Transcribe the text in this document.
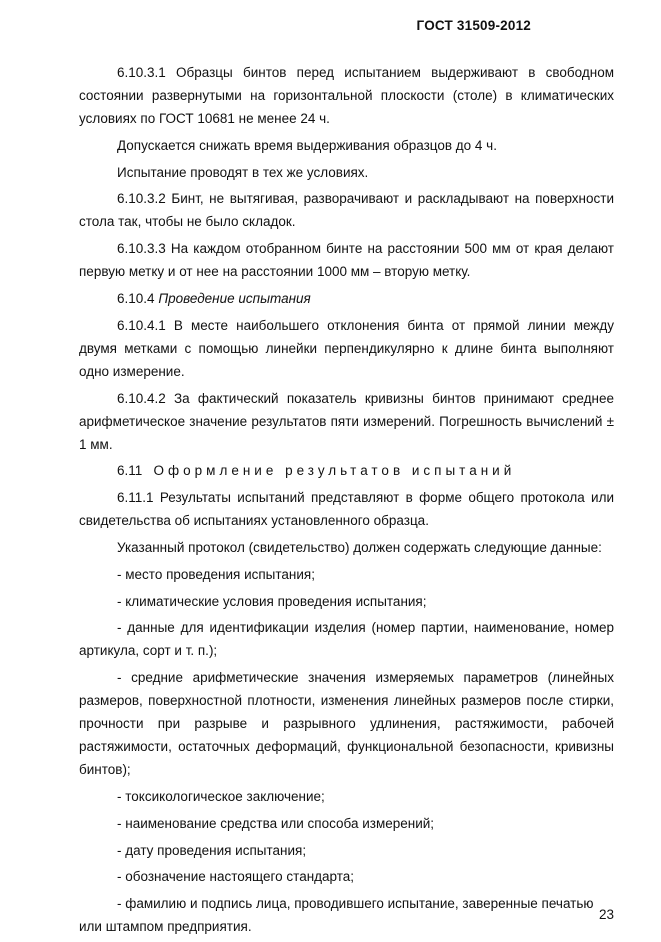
ГОСТ 31509-2012

6.10.3.1 Образцы бинтов перед испытанием выдерживают в свободном состоянии развернутыми на горизонтальной плоскости (столе) в климатических условиях по ГОСТ 10681 не менее 24 ч.

Допускается снижать время выдерживания образцов до 4 ч.

Испытание проводят в тех же условиях.

6.10.3.2 Бинт, не вытягивая, разворачивают и раскладывают на поверхности стола так, чтобы не было складок.

6.10.3.3 На каждом отобранном бинте на расстоянии 500 мм от края делают первую метку и от нее на расстоянии 1000 мм – вторую метку.

6.10.4 Проведение испытания

6.10.4.1 В месте наибольшего отклонения бинта от прямой линии между двумя метками с помощью линейки перпендикулярно к длине бинта выполняют одно измерение.

6.10.4.2 За фактический показатель кривизны бинтов принимают среднее арифметическое значение результатов пяти измерений. Погрешность вычислений ± 1 мм.

6.11 Оформление результатов испытаний

6.11.1 Результаты испытаний представляют в форме общего протокола или свидетельства об испытаниях установленного образца.

Указанный протокол (свидетельство) должен содержать следующие данные:

- место проведения испытания;

- климатические условия проведения испытания;

- данные для идентификации изделия (номер партии, наименование, номер артикула, сорт и т. п.);

- средние арифметические значения измеряемых параметров (линейных размеров, поверхностной плотности, изменения линейных размеров после стирки, прочности при разрыве и разрывного удлинения, растяжимости, рабочей растяжимости, остаточных деформаций, функциональной безопасности, кривизны бинтов);

- токсикологическое заключение;

- наименование средства или способа измерений;

- дату проведения испытания;

- обозначение настоящего стандарта;

- фамилию и подпись лица, проводившего испытание, заверенные печатью или штампом предприятия.

23
